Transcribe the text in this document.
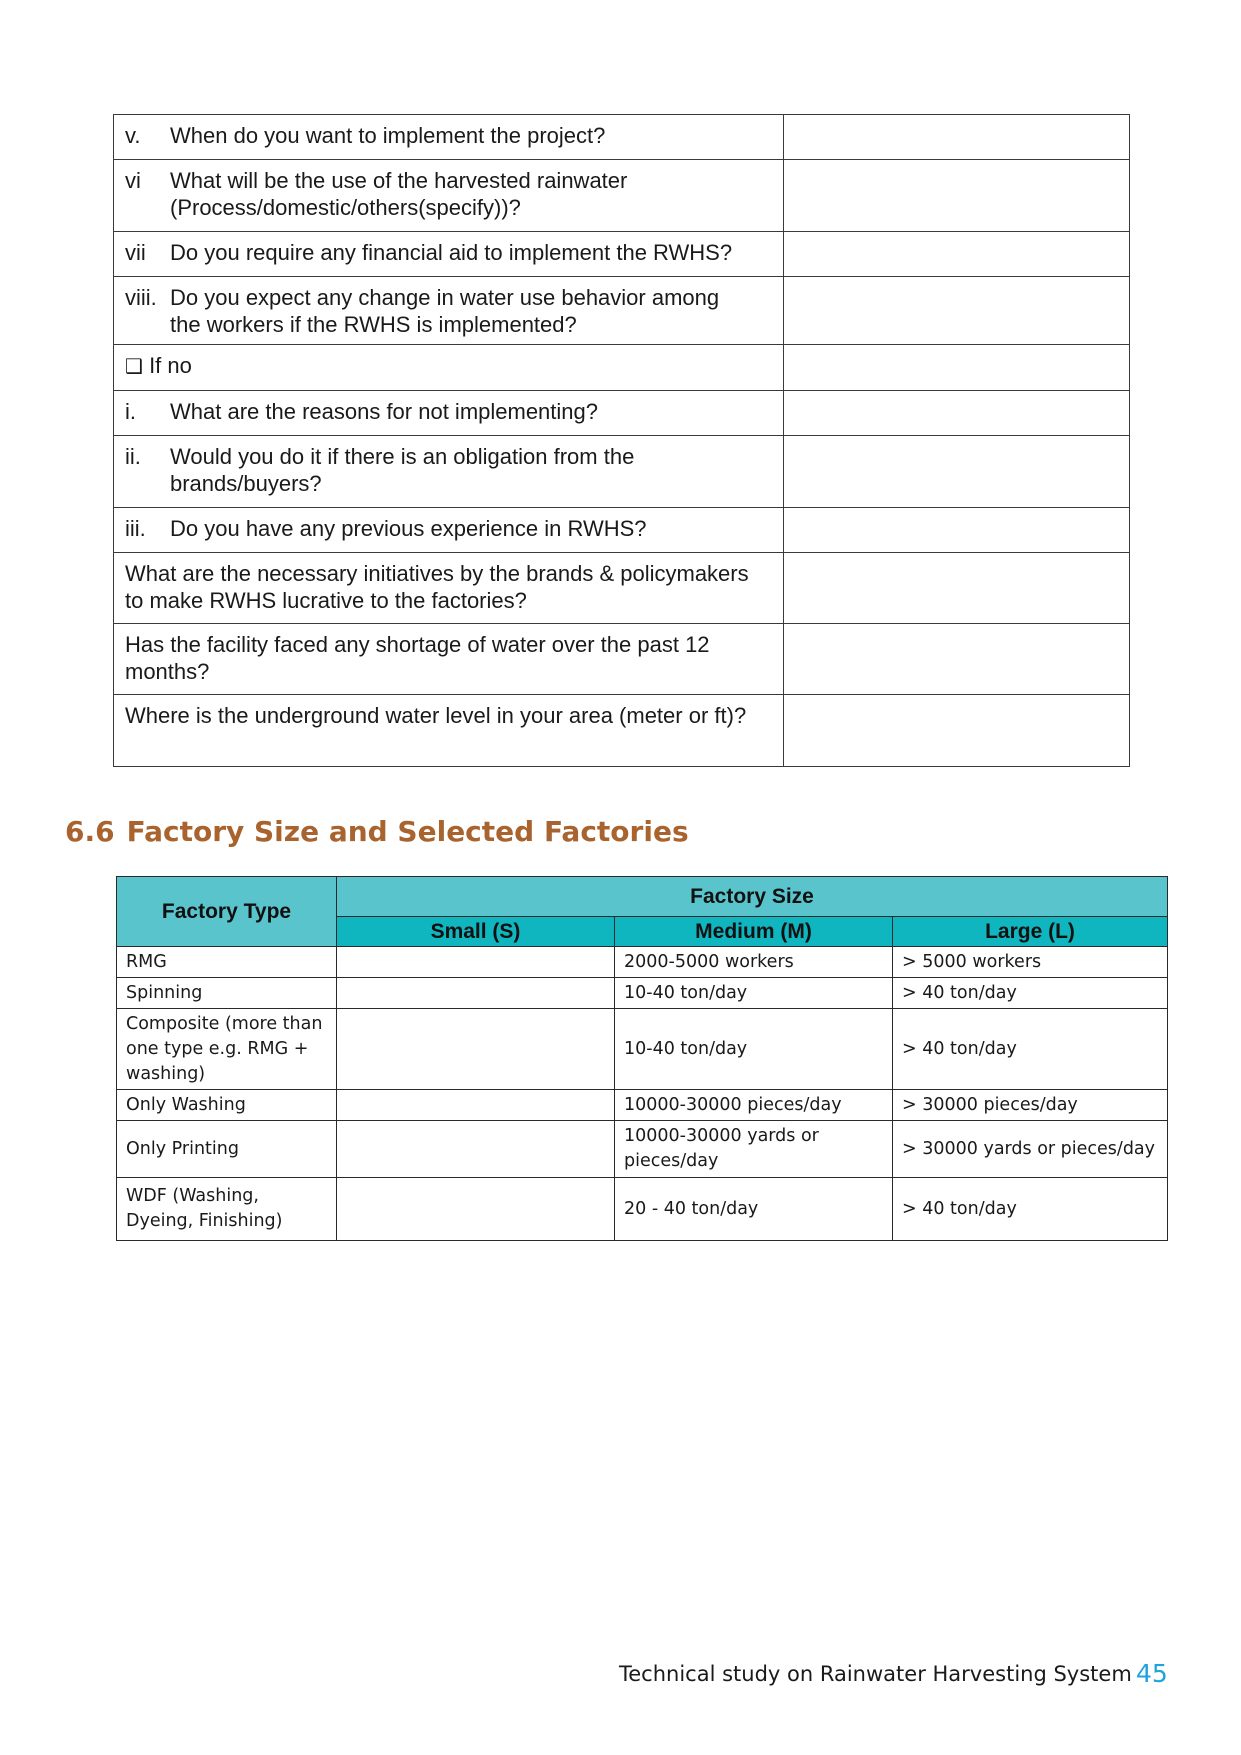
v. When do you want to implement the project?	
vi What will be the use of the harvested rainwater (Process/domestic/others(specify))?	
vii Do you require any financial aid to implement the RWHS?	
viii. Do you expect any change in water use behavior among the workers if the RWHS is implemented?	
❑ If no	
i. What are the reasons for not implementing?	
ii. Would you do it if there is an obligation from the brands/buyers?	
iii. Do you have any previous experience in RWHS?	
What are the necessary initiatives by the brands & policymakers to make RWHS lucrative to the factories?	
Has the facility faced any shortage of water over the past 12 months?	
Where is the underground water level in your area (meter or ft)?	
6.6 Factory Size and Selected Factories
Factory Type	Factory Size		
	Small (S)	Medium (M)	Large (L)
RMG		2000-5000 workers	> 5000 workers
Spinning		10-40 ton/day	> 40 ton/day
Composite (more than one type e.g. RMG + washing)		10-40 ton/day	> 40 ton/day
Only Washing		10000-30000 pieces/day	> 30000 pieces/day
Only Printing		10000-30000 yards or pieces/day	> 30000 yards or pieces/day
WDF (Washing, Dyeing, Finishing)		20 - 40 ton/day	> 40 ton/day
Technical study on Rainwater Harvesting System 45
